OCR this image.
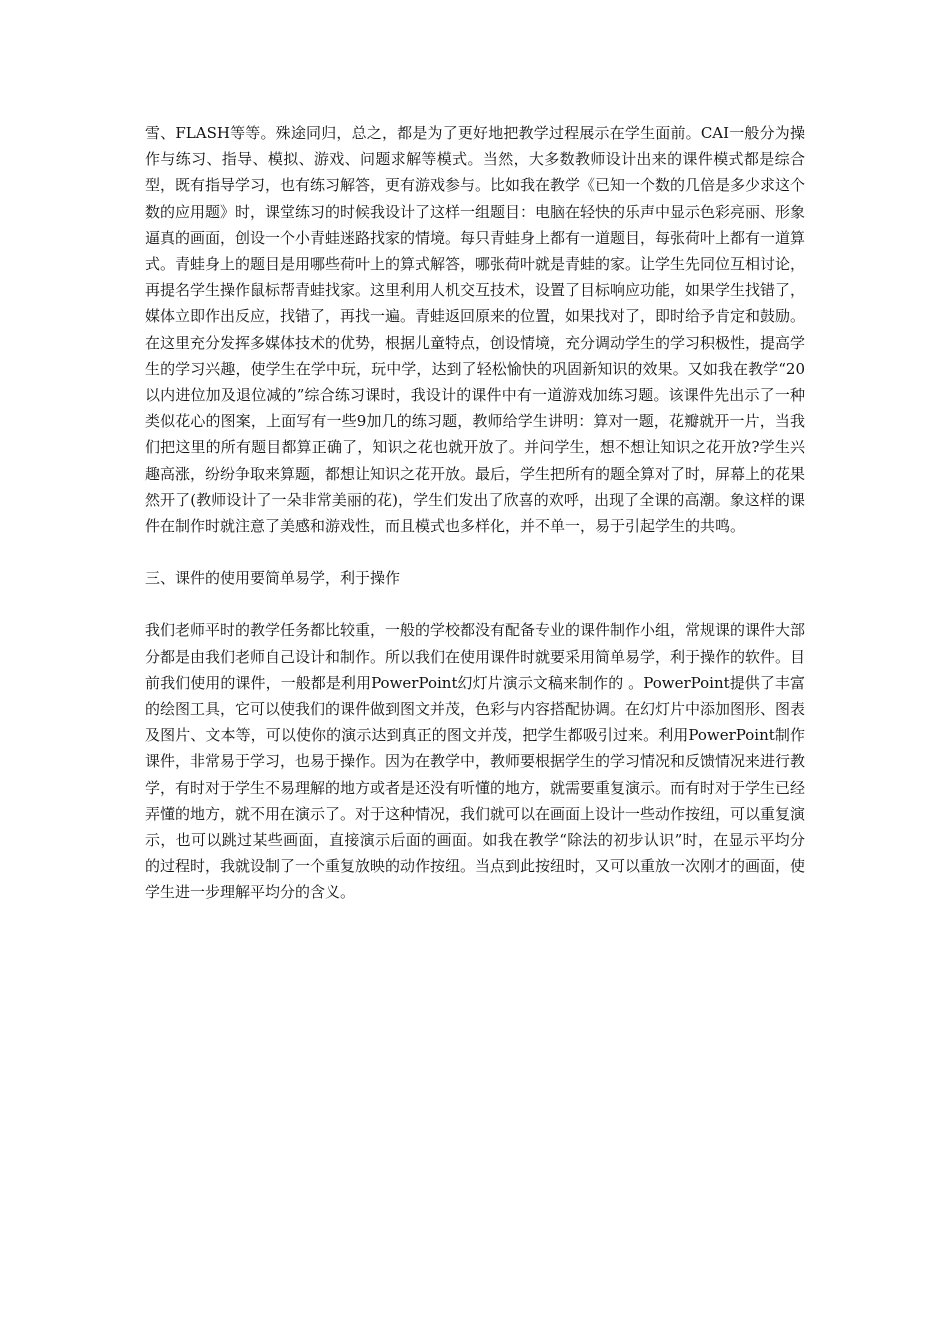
雪、FLASH等等。殊途同归，总之，都是为了更好地把教学过程展示在学生面前。CAI一般分为操作与练习、指导、模拟、游戏、问题求解等模式。当然，大多数教师设计出来的课件模式都是综合型，既有指导学习，也有练习解答，更有游戏参与。比如我在教学《已知一个数的几倍是多少求这个数的应用题》时，课堂练习的时候我设计了这样一组题目：电脑在轻快的乐声中显示色彩亮丽、形象逼真的画面，创设一个小青蛙迷路找家的情境。每只青蛙身上都有一道题目，每张荷叶上都有一道算式。青蛙身上的题目是用哪些荷叶上的算式解答，哪张荷叶就是青蛙的家。让学生先同位互相讨论，再提名学生操作鼠标帮青蛙找家。这里利用人机交互技术，设置了目标响应功能，如果学生找错了，媒体立即作出反应，找错了，再找一遍。青蛙返回原来的位置，如果找对了，即时给予肯定和鼓励。在这里充分发挥多媒体技术的优势，根据儿童特点，创设情境，充分调动学生的学习积极性，提高学生的学习兴趣，使学生在学中玩，玩中学，达到了轻松愉快的巩固新知识的效果。又如我在教学“20以内进位加及退位减的”综合练习课时，我设计的课件中有一道游戏加练习题。该课件先出示了一种类似花心的图案，上面写有一些9加几的练习题，教师给学生讲明：算对一题，花瓣就开一片，当我们把这里的所有题目都算正确了，知识之花也就开放了。并问学生，想不想让知识之花开放?学生兴趣高涨，纷纷争取来算题，都想让知识之花开放。最后，学生把所有的题全算对了时，屏幕上的花果然开了(教师设计了一朵非常美丽的花)，学生们发出了欣喜的欢呼，出现了全课的高潮。象这样的课件在制作时就注意了美感和游戏性，而且模式也多样化，并不单一，易于引起学生的共鸣。

三、课件的使用要简单易学，利于操作

我们老师平时的教学任务都比较重，一般的学校都没有配备专业的课件制作小组，常规课的课件大部分都是由我们老师自己设计和制作。所以我们在使用课件时就要采用简单易学，利于操作的软件。目前我们使用的课件，一般都是利用PowerPoint幻灯片演示文稿来制作的 。PowerPoint提供了丰富的绘图工具，它可以使我们的课件做到图文并茂，色彩与内容搭配协调。在幻灯片中添加图形、图表及图片、文本等，可以使你的演示达到真正的图文并茂，把学生都吸引过来。利用PowerPoint制作课件，非常易于学习，也易于操作。因为在教学中，教师要根据学生的学习情况和反馈情况来进行教学，有时对于学生不易理解的地方或者是还没有听懂的地方，就需要重复演示。而有时对于学生已经弄懂的地方，就不用在演示了。对于这种情况，我们就可以在画面上设计一些动作按纽，可以重复演示，也可以跳过某些画面，直接演示后面的画面。如我在教学“除法的初步认识”时，在显示平均分的过程时，我就设制了一个重复放映的动作按纽。当点到此按纽时，又可以重放一次刚才的画面，使学生进一步理解平均分的含义。
